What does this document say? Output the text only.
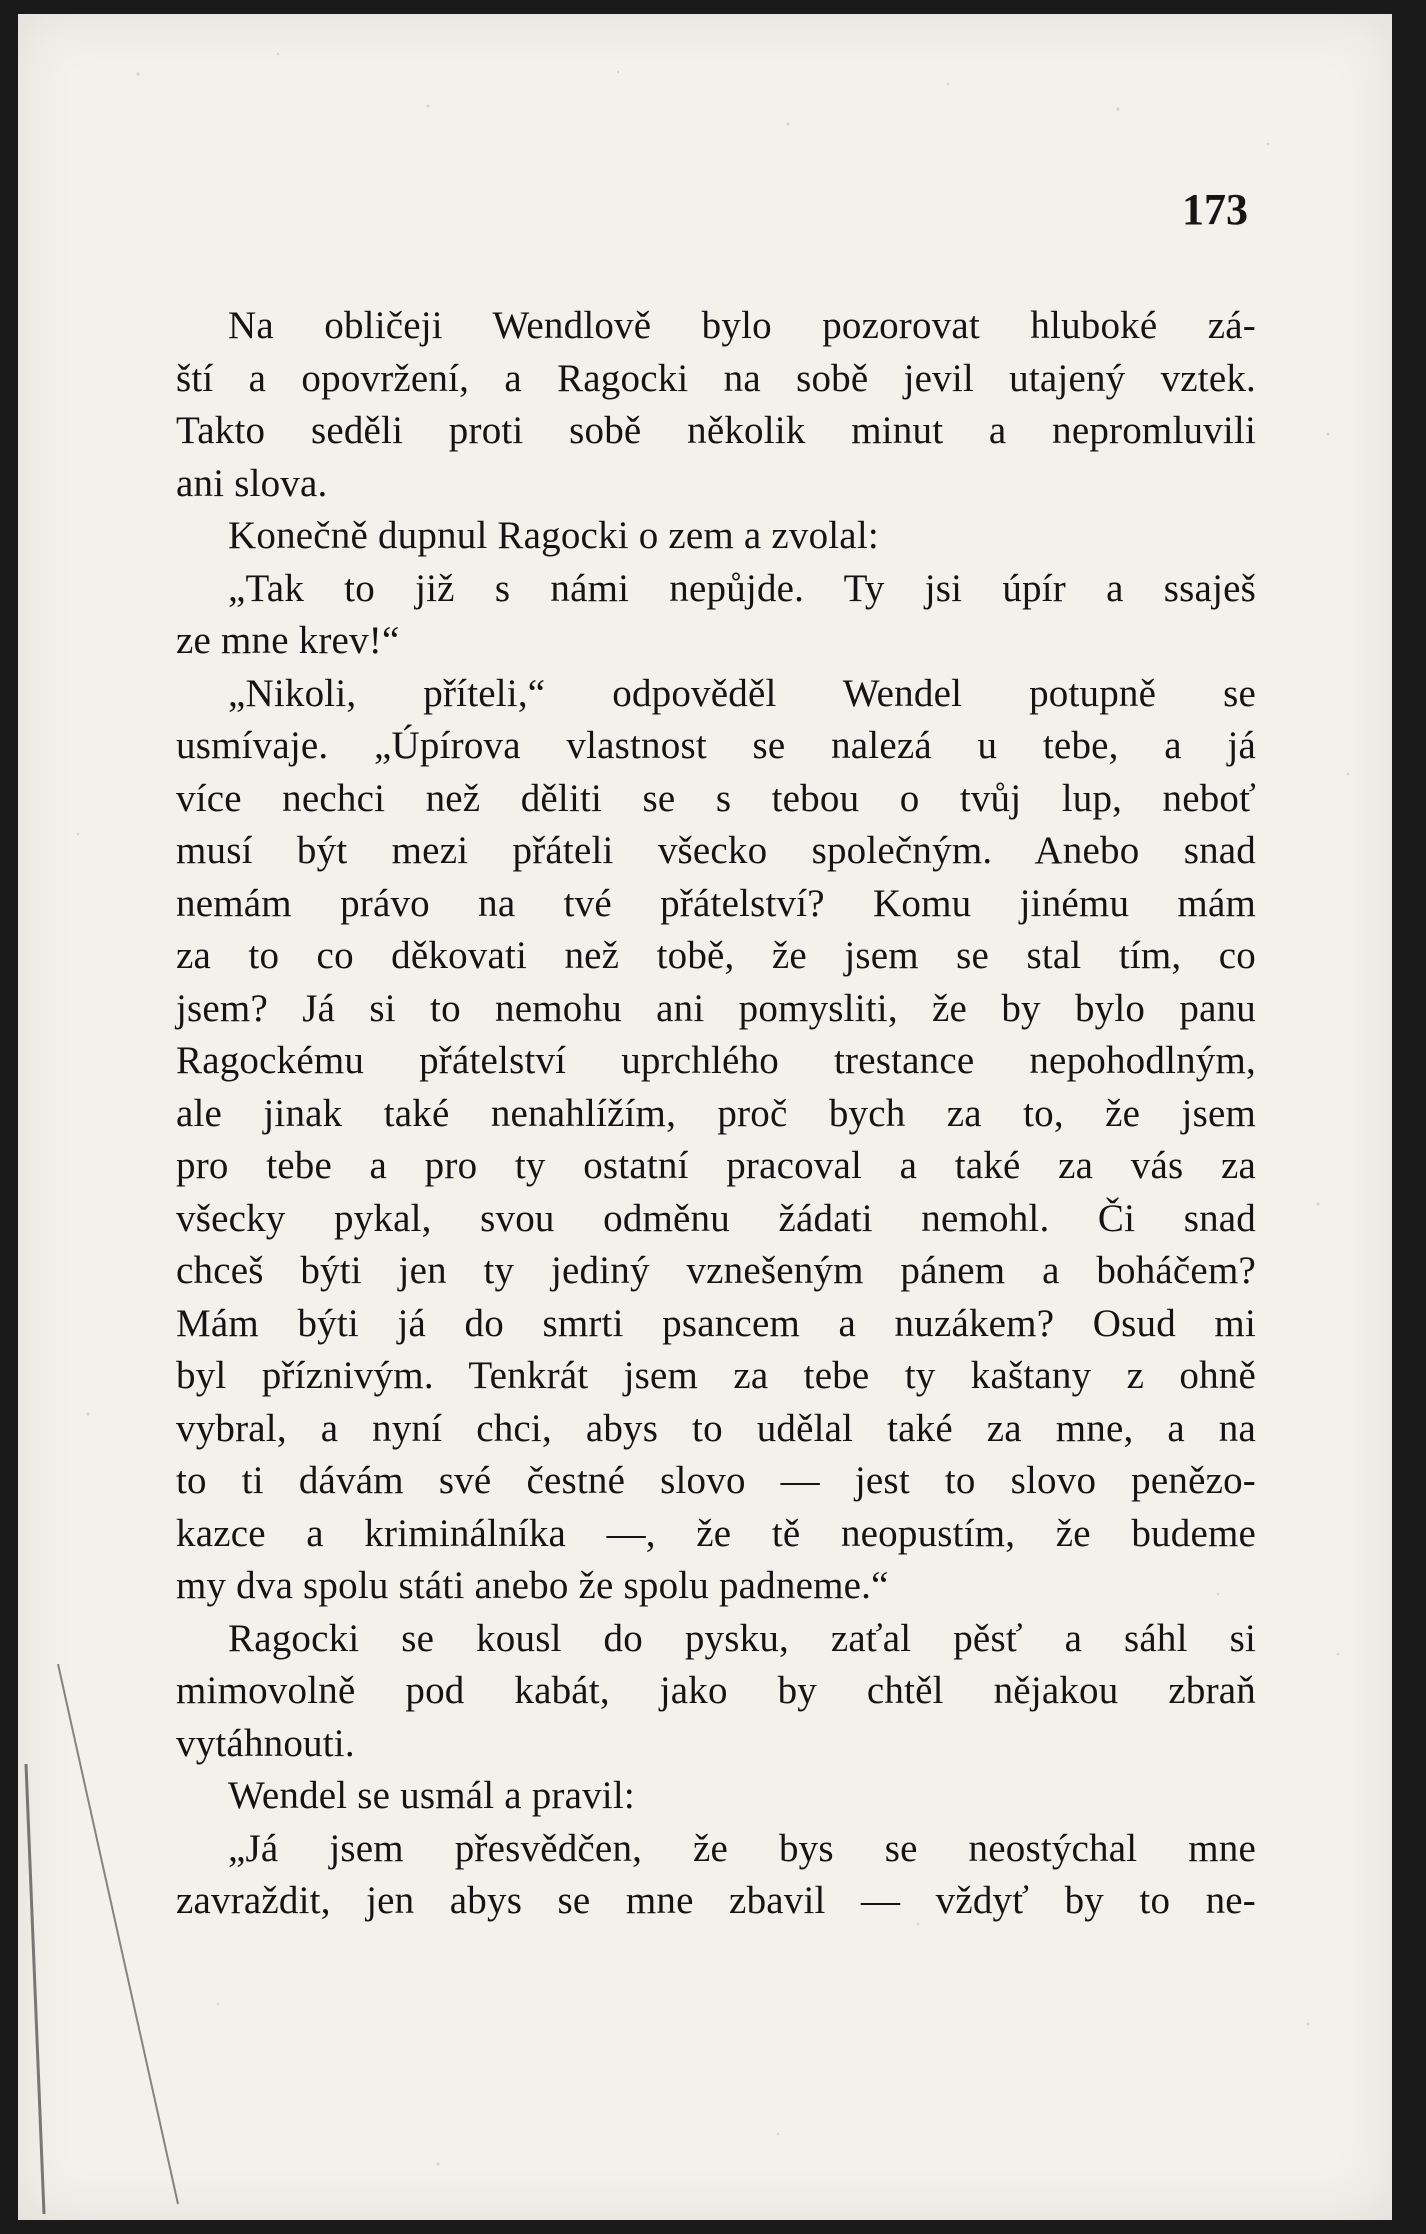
173

Na obličeji Wendlově bylo pozorovat hluboké zá-
ští a opovržení, a Ragocki na sobě jevil utajený vztek.
Takto seděli proti sobě několik minut a nepromluvili
ani slova.
Konečně dupnul Ragocki o zem a zvolal:
„Tak to již s námi nepůjde. Ty jsi úpír a ssaješ
ze mne krev!“
„Nikoli, příteli,“ odpověděl Wendel potupně se
usmívaje. „Úpírova vlastnost se nalezá u tebe, a já
více nechci než děliti se s tebou o tvůj lup, neboť
musí být mezi přáteli všecko společným. Anebo snad
nemám právo na tvé přátelství? Komu jinému mám
za to co děkovati než tobě, že jsem se stal tím, co
jsem? Já si to nemohu ani pomysliti, že by bylo panu
Ragockému přátelství uprchlého trestance nepohodlným,
ale jinak také nenahlížím, proč bych za to, že jsem
pro tebe a pro ty ostatní pracoval a také za vás za
všecky pykal, svou odměnu žádati nemohl. Či snad
chceš býti jen ty jediný vznešeným pánem a boháčem?
Mám býti já do smrti psancem a nuzákem? Osud mi
byl příznivým. Tenkrát jsem za tebe ty kaštany z ohně
vybral, a nyní chci, abys to udělal také za mne, a na
to ti dávám své čestné slovo — jest to slovo penězo-
kazce a kriminálníka —, že tě neopustím, že budeme
my dva spolu státi anebo že spolu padneme.“
Ragocki se kousl do pysku, zaťal pěsť a sáhl si
mimovolně pod kabát, jako by chtěl nějakou zbraň
vytáhnouti.
Wendel se usmál a pravil:
„Já jsem přesvědčen, že bys se neostýchal mne
zavraždit, jen abys se mne zbavil — vždyť by to ne-
